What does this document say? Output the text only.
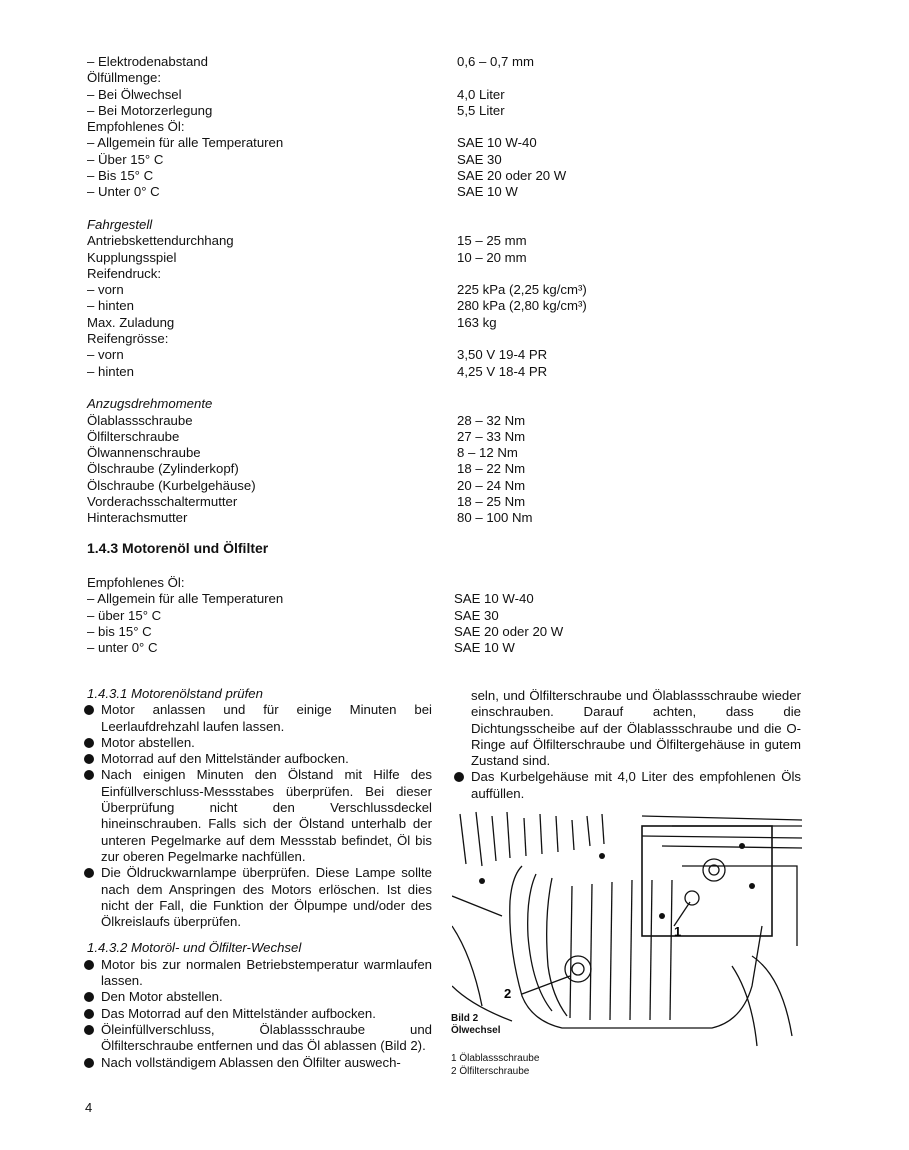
– Elektrodenabstand	0,6 – 0,7 mm
Ölfüllmenge:
– Bei Ölwechsel	4,0 Liter
– Bei Motorzerlegung	5,5 Liter
Empfohlenes Öl:
– Allgemein für alle Temperaturen	SAE 10 W-40
– Über 15° C	SAE 30
– Bis 15° C	SAE 20 oder 20 W
– Unter 0° C	SAE 10 W
Fahrgestell
Antriebskettendurchhang	15 – 25 mm
Kupplungsspiel	10 – 20 mm
Reifendruck:
– vorn	225 kPa (2,25 kg/cm³)
– hinten	280 kPa (2,80 kg/cm³)
Max. Zuladung	163 kg
Reifengrösse:
– vorn	3,50 V 19-4 PR
– hinten	4,25 V 18-4 PR
Anzugsdrehmomente
Ölablassschraube	28 – 32 Nm
Ölfilterschraube	27 – 33 Nm
Ölwannenschraube	8 – 12 Nm
Ölschraube (Zylinderkopf)	18 – 22 Nm
Ölschraube (Kurbelgehäuse)	20 – 24 Nm
Vorderachsschaltermutter	18 – 25 Nm
Hinterachsmutter	80 – 100 Nm
1.4.3 Motorenöl und Ölfilter
Empfohlenes Öl:
– Allgemein für alle Temperaturen	SAE 10 W-40
– über 15° C	SAE 30
– bis 15° C	SAE 20 oder 20 W
– unter 0° C	SAE 10 W

1.4.3.1 Motorenölstand prüfen

Motor anlassen und für einige Minuten bei Leerlaufdrehzahl laufen lassen.
Motor abstellen.
Motorrad auf den Mittelständer aufbocken.
Nach einigen Minuten den Ölstand mit Hilfe des Einfüllverschluss-Messstabes überprüfen. Bei dieser Überprüfung nicht den Verschlussdeckel hineinschrauben. Falls sich der Ölstand unterhalb der unteren Pegelmarke auf dem Messstab befindet, Öl bis zur oberen Pegelmarke nachfüllen.
Die Öldruckwarnlampe überprüfen. Diese Lampe sollte nach dem Anspringen des Motors erlöschen. Ist dies nicht der Fall, die Funktion der Ölpumpe und/oder des Ölkreislaufs überprüfen.

1.4.3.2 Motoröl- und Ölfilter-Wechsel

Motor bis zur normalen Betriebstemperatur warmlaufen lassen.
Den Motor abstellen.
Das Motorrad auf den Mittelständer aufbocken.
Öleinfüllverschluss, Ölablassschraube und Ölfilterschraube entfernen und das Öl ablassen (Bild 2).
Nach vollständigem Ablassen den Ölfilter auswech-
seln, und Ölfilterschraube und Ölablassschraube wieder einschrauben. Darauf achten, dass die Dichtungsscheibe auf der Ölablassschraube und die O-Ringe auf Ölfilterschraube und Ölfiltergehäuse in gutem Zustand sind.
Das Kurbelgehäuse mit 4,0 Liter des empfohlenen Öls auffüllen.
1
2
Bild 2
Ölwechsel
1 Ölablassschraube
2 Ölfilterschraube
4
